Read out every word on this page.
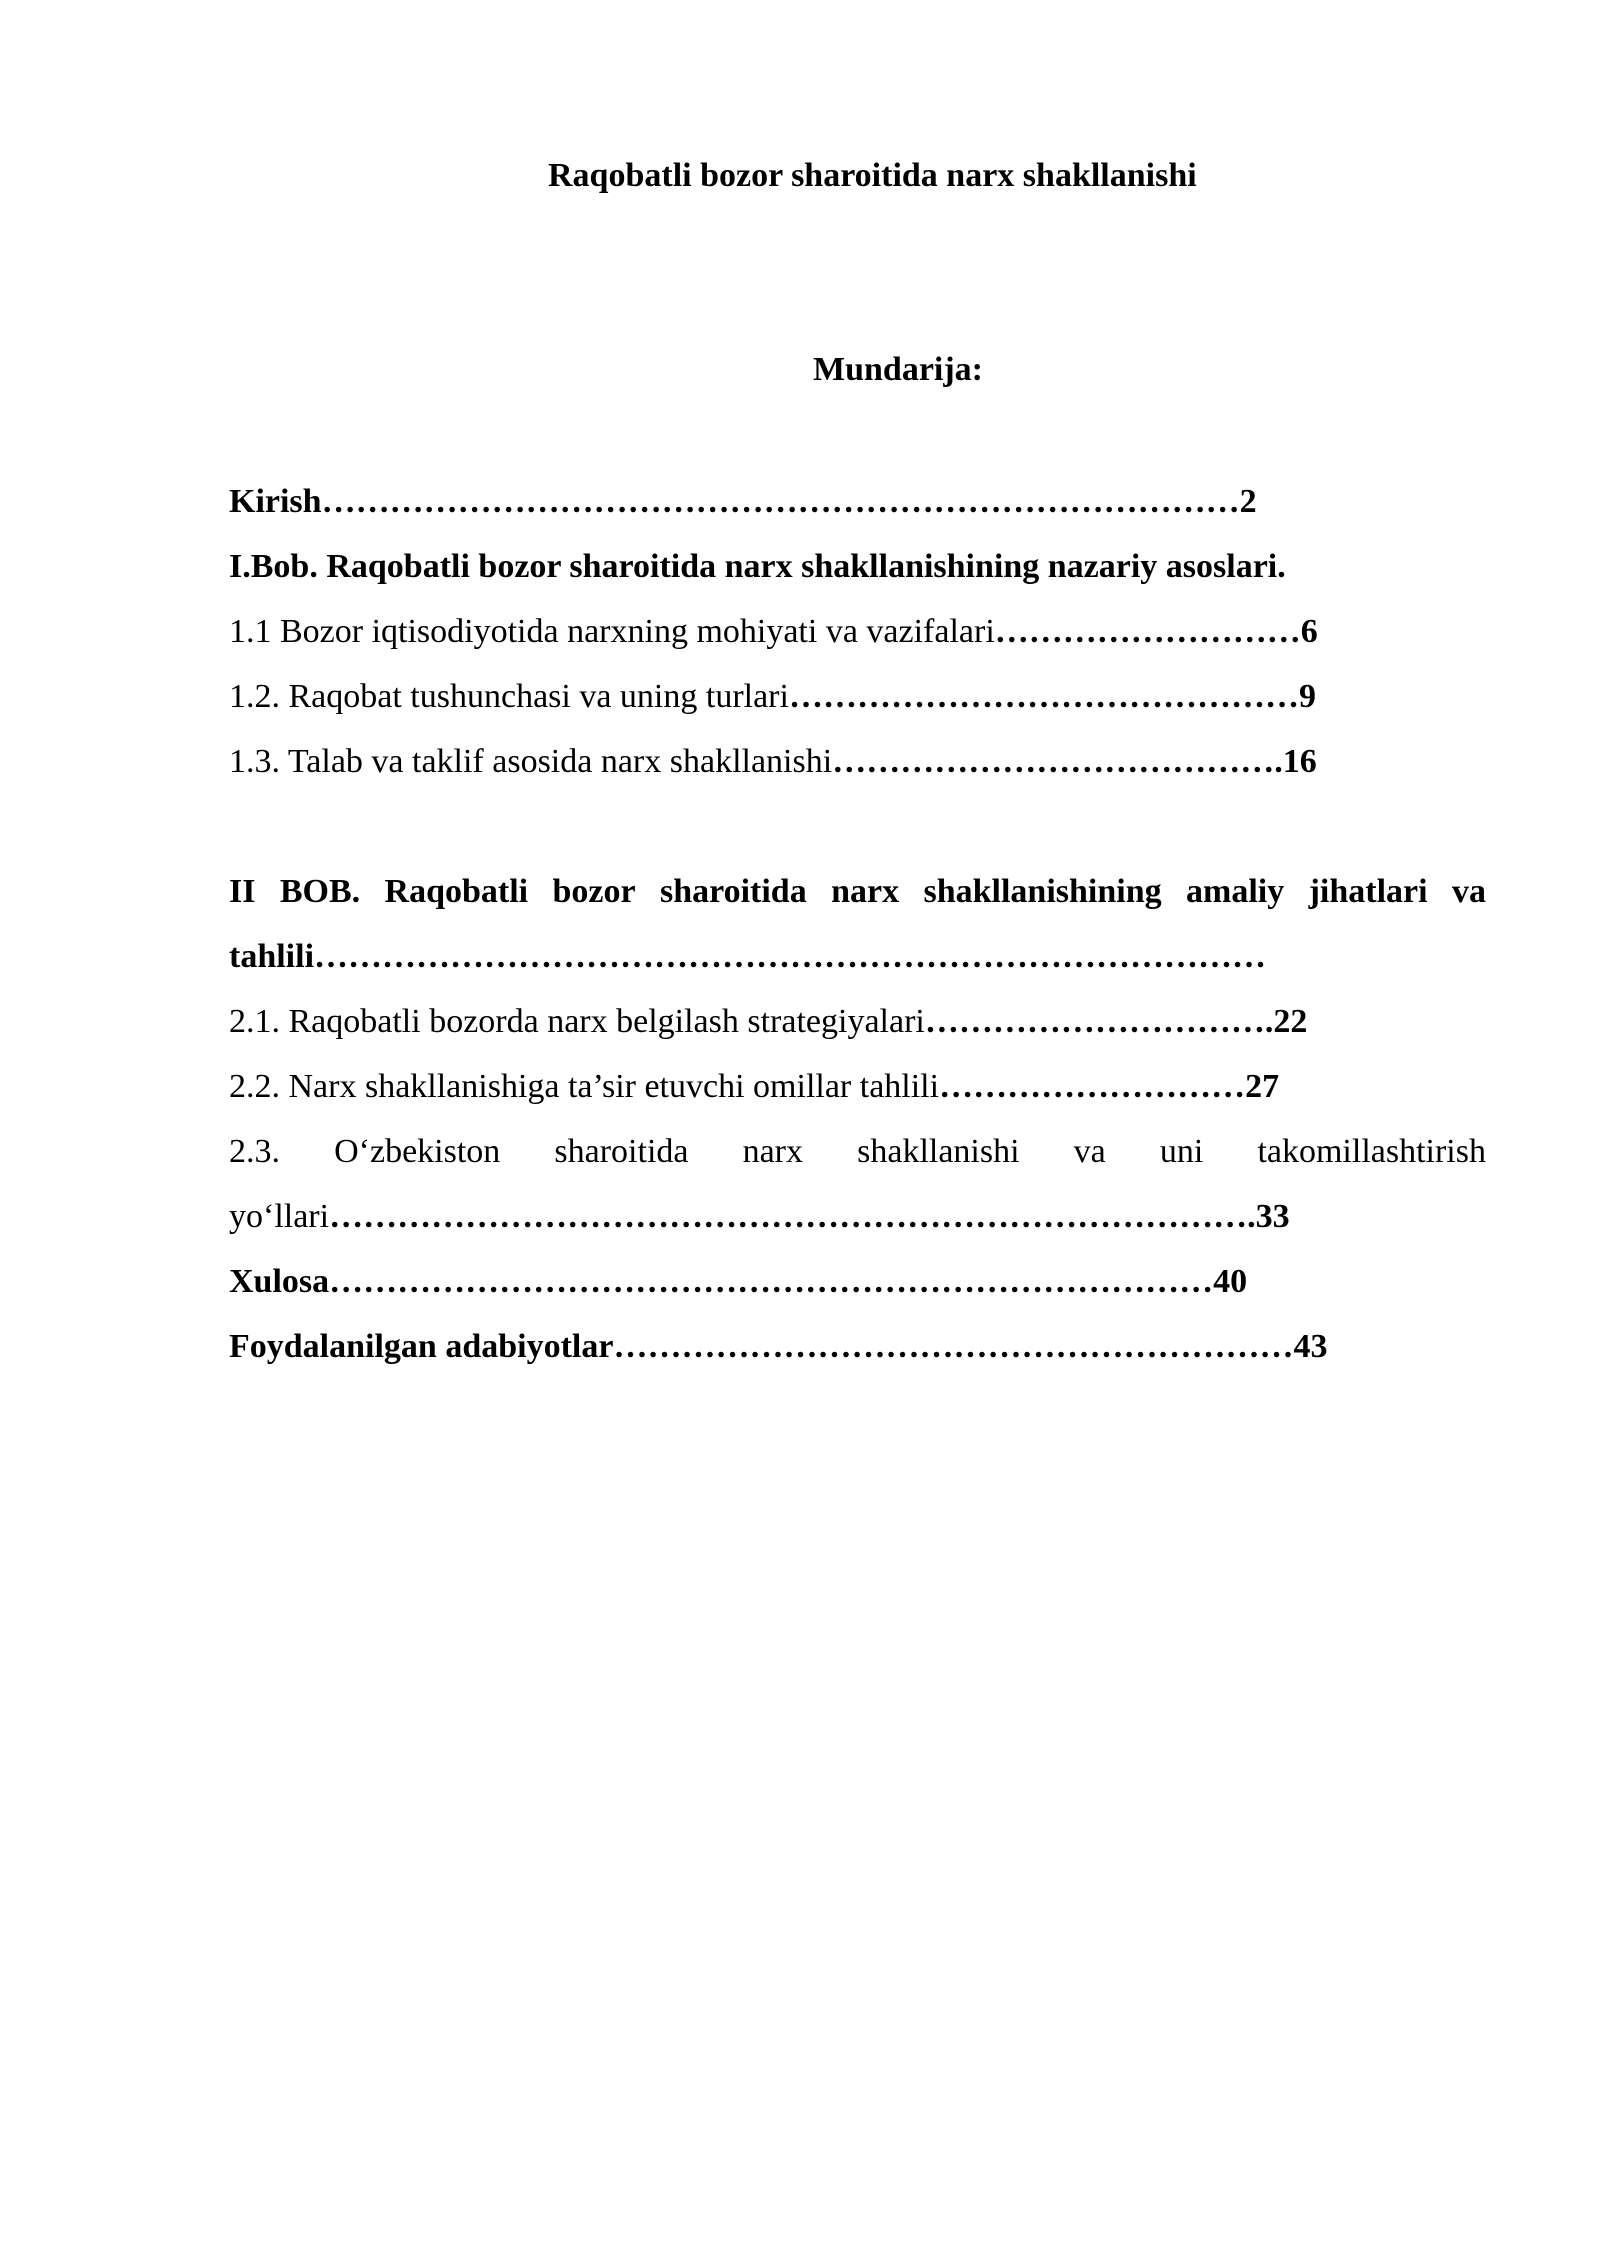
Raqobatli bozor sharoitida narx shakllanishi
Mundarija:
Kirish………………………………………………………………………2
I.Bob. Raqobatli bozor sharoitida narx shakllanishining nazariy asoslari.
1.1 Bozor iqtisodiyotida narxning mohiyati va vazifalari………………………6
1.2. Raqobat tushunchasi va uning turlari………………………………………9
1.3. Talab va taklif asosida narx shakllanishi………………………………….16
II BOB. Raqobatli bozor sharoitida narx shakllanishining amaliy jihatlari va
tahlili…………………………………………………………………………
2.1. Raqobatli bozorda narx belgilash strategiyalari………………………….22
2.2. Narx shakllanishiga ta’sir etuvchi omillar tahlili………………………27
2.3. O‘zbekiston sharoitida narx shakllanishi va uni takomillashtirish
yo‘llari……………………………………………………………………….33
Xulosa……………………………………………………………………40
Foydalanilgan adabiyotlar……………………………………………………43
